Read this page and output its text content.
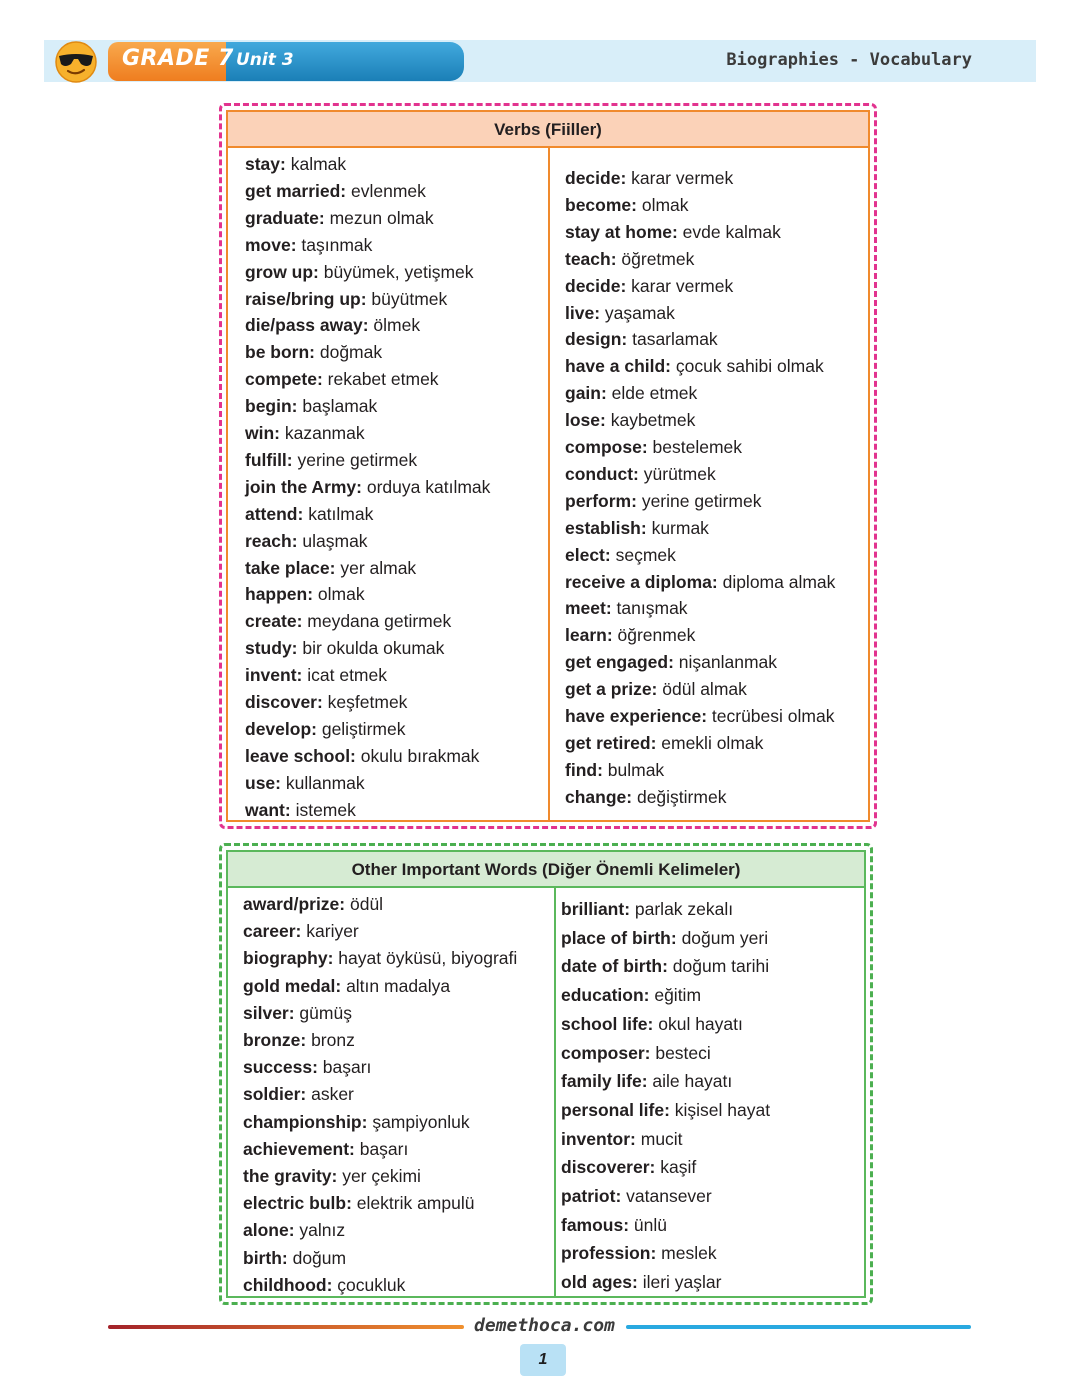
GRADE 7 Unit 3	Biographies - Vocabulary
Verbs (Fiiller)
stay: kalmak
get married: evlenmek
graduate: mezun olmak
move: taşınmak
grow up: büyümek, yetişmek
raise/bring up: büyütmek
die/pass away: ölmek
be born: doğmak
compete: rekabet etmek
begin: başlamak
win: kazanmak
fulfill: yerine getirmek
join the Army: orduya katılmak
attend: katılmak
reach: ulaşmak
take place: yer almak
happen: olmak
create: meydana getirmek
study: bir okulda okumak
invent: icat etmek
discover: keşfetmek
develop: geliştirmek
leave school: okulu bırakmak
use: kullanmak
want: istemek
decide: karar vermek
become: olmak
stay at home: evde kalmak
teach: öğretmek
decide: karar vermek
live: yaşamak
design: tasarlamak
have a child: çocuk sahibi olmak
gain: elde etmek
lose: kaybetmek
compose: bestelemek
conduct: yürütmek
perform: yerine getirmek
establish: kurmak
elect: seçmek
receive a diploma: diploma almak
meet: tanışmak
learn: öğrenmek
get engaged: nişanlanmak
get a prize: ödül almak
have experience: tecrübesi olmak
get retired: emekli olmak
find: bulmak
change: değiştirmek
Other Important Words (Diğer Önemli Kelimeler)
award/prize: ödül
career: kariyer
biography: hayat öyküsü, biyografi
gold medal: altın madalya
silver: gümüş
bronze: bronz
success: başarı
soldier: asker
championship: şampiyonluk
achievement: başarı
the gravity: yer çekimi
electric bulb: elektrik ampulü
alone: yalnız
birth: doğum
childhood: çocukluk
brilliant: parlak zekalı
place of birth: doğum yeri
date of birth: doğum tarihi
education: eğitim
school life: okul hayatı
composer: besteci
family life: aile hayatı
personal life: kişisel hayat
inventor: mucit
discoverer: kaşif
patriot: vatansever
famous: ünlü
profession: meslek
old ages: ileri yaşlar
demethoca.com
1
